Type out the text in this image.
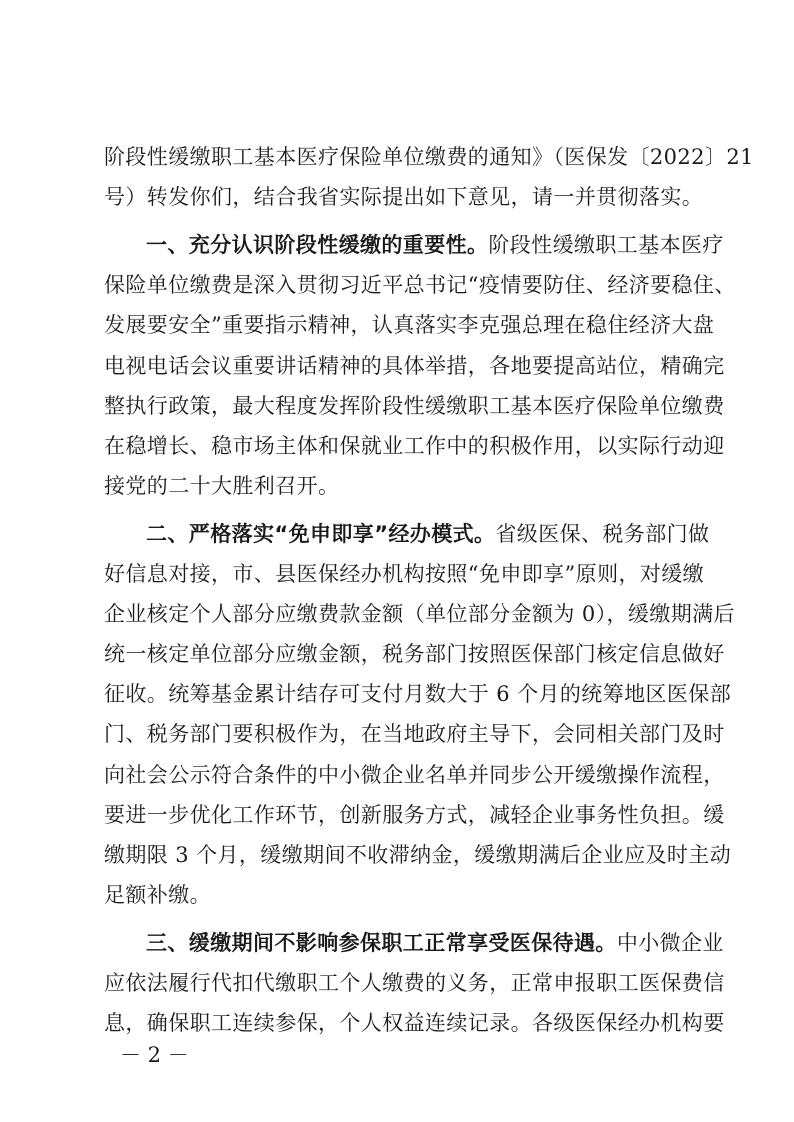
阶段性缓缴职工基本医疗保险单位缴费的通知》（医保发〔2022〕21
号）转发你们，结合我省实际提出如下意见，请一并贯彻落实。
一、充分认识阶段性缓缴的重要性。阶段性缓缴职工基本医疗
保险单位缴费是深入贯彻习近平总书记“疫情要防住、经济要稳住、
发展要安全”重要指示精神，认真落实李克强总理在稳住经济大盘
电视电话会议重要讲话精神的具体举措，各地要提高站位，精确完
整执行政策，最大程度发挥阶段性缓缴职工基本医疗保险单位缴费
在稳增长、稳市场主体和保就业工作中的积极作用，以实际行动迎
接党的二十大胜利召开。
二、严格落实“免申即享”经办模式。省级医保、税务部门做
好信息对接，市、县医保经办机构按照“免申即享”原则，对缓缴
企业核定个人部分应缴费款金额（单位部分金额为 0），缓缴期满后
统一核定单位部分应缴金额，税务部门按照医保部门核定信息做好
征收。统筹基金累计结存可支付月数大于 6 个月的统筹地区医保部
门、税务部门要积极作为，在当地政府主导下，会同相关部门及时
向社会公示符合条件的中小微企业名单并同步公开缓缴操作流程，
要进一步优化工作环节，创新服务方式，减轻企业事务性负担。缓
缴期限 3 个月，缓缴期间不收滞纳金，缓缴期满后企业应及时主动
足额补缴。
三、缓缴期间不影响参保职工正常享受医保待遇。中小微企业
应依法履行代扣代缴职工个人缴费的义务，正常申报职工医保费信
息，确保职工连续参保，个人权益连续记录。各级医保经办机构要
－ 2 －
